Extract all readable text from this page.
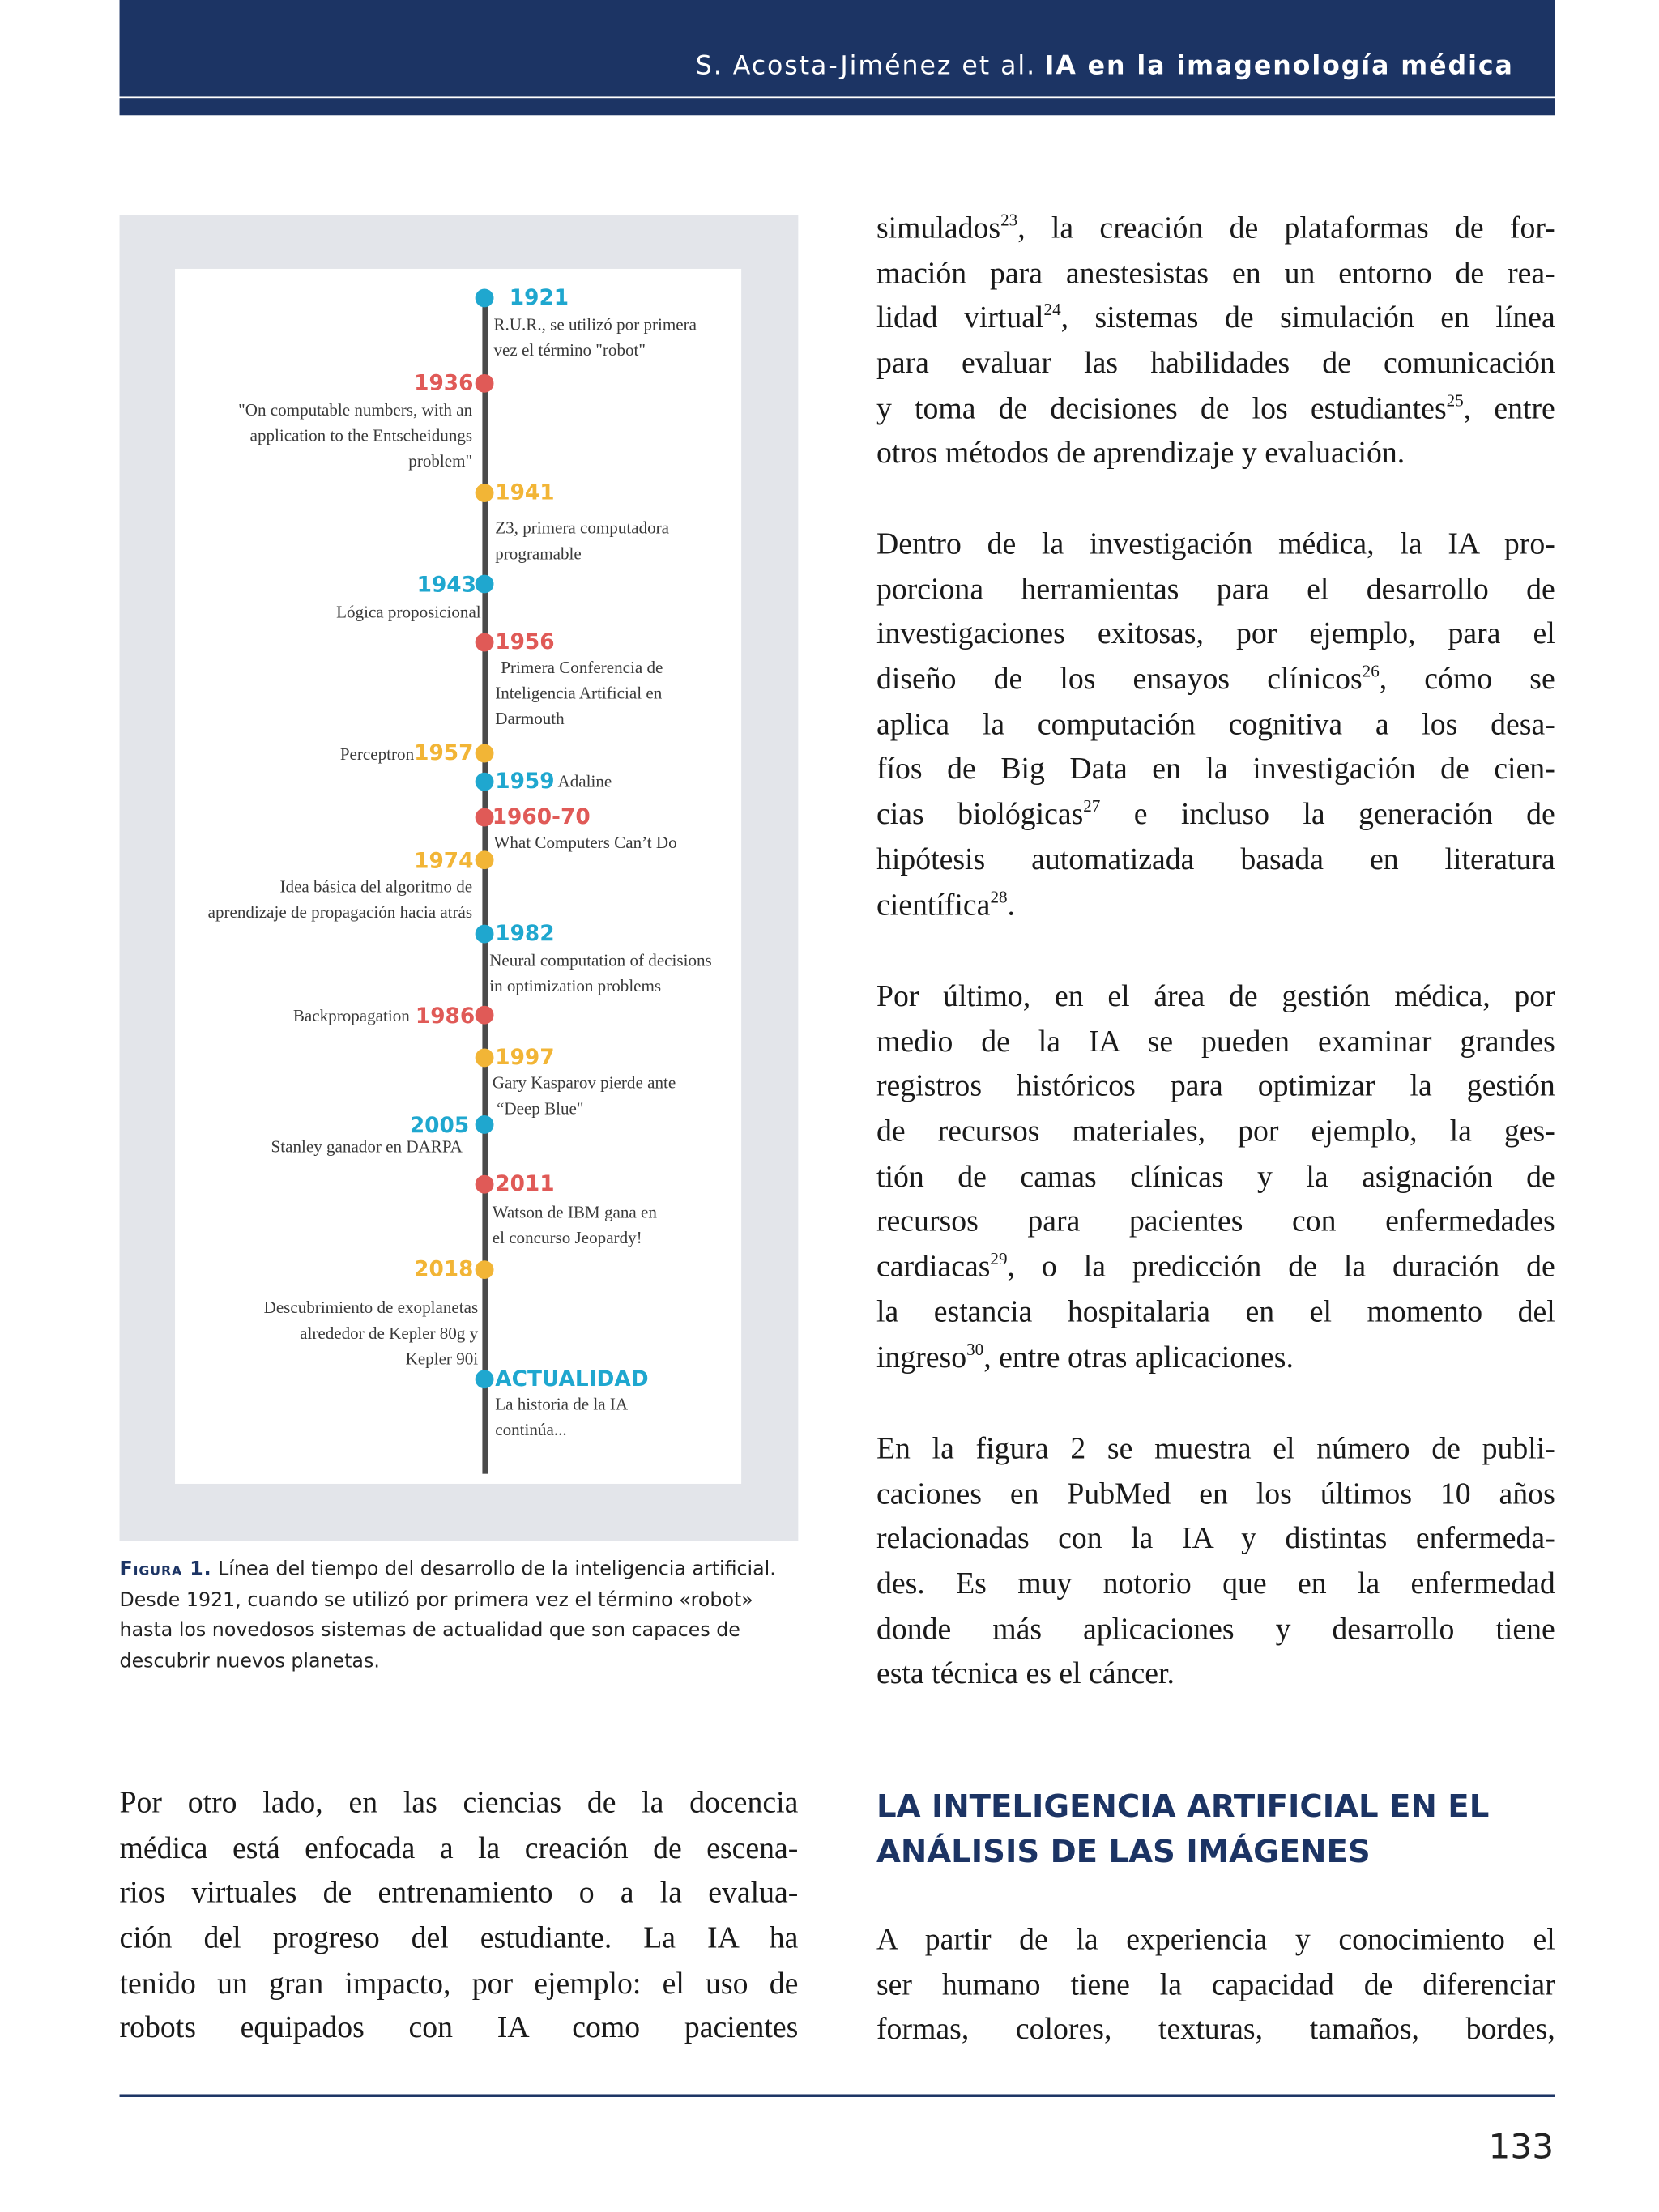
S. Acosta-Jiménez et al. IA en la imagenología médica
1921
R.U.R., se utilizó por primera
vez el término "robot"
1936
"On computable numbers, with an
application to the Entscheidungs
problem"
1941
Z3, primera computadora
programable
1943
Lógica proposicional
1956
Primera Conferencia de
Inteligencia Artificial en
Darmouth
1957
Perceptron
1959 Adaline
1960-70
What Computers Can’t Do
1974
Idea básica del algoritmo de
aprendizaje de propagación hacia atrás
1982
Neural computation of decisions
in optimization problems
1986
Backpropagation
1997
Gary Kasparov pierde ante
“Deep Blue"
2005
Stanley ganador en DARPA
2011
Watson de IBM gana en
el concurso Jeopardy!
2018
Descubrimiento de exoplanetas
alrededor de Kepler 80g y
Kepler 90i
ACTUALIDAD
La historia de la IA
continúa...
Figura 1. Línea del tiempo del desarrollo de la inteligencia artificial. Desde 1921, cuando se utilizó por primera vez el término «robot» hasta los novedosos sistemas de actualidad que son capaces de descubrir nuevos planetas.
simulados$^{23}$, la creación de plataformas de for-
mación para anestesistas en un entorno de rea-
lidad virtual$^{24}$, sistemas de simulación en línea
para evaluar las habilidades de comunicación
y toma de decisiones de los estudiantes$^{25}$, entre
otros métodos de aprendizaje y evaluación.
Dentro de la investigación médica, la IA pro-
porciona herramientas para el desarrollo de
investigaciones exitosas, por ejemplo, para el
diseño de los ensayos clínicos$^{26}$, cómo se
aplica la computación cognitiva a los desa-
fíos de Big Data en la investigación de cien-
cias biológicas$^{27}$ e incluso la generación de
hipótesis automatizada basada en literatura
científica$^{28}$.
Por último, en el área de gestión médica, por
medio de la IA se pueden examinar grandes
registros históricos para optimizar la gestión
de recursos materiales, por ejemplo, la ges-
tión de camas clínicas y la asignación de
recursos para pacientes con enfermedades
cardiacas$^{29}$, o la predicción de la duración de
la estancia hospitalaria en el momento del
ingreso$^{30}$, entre otras aplicaciones.
En la figura 2 se muestra el número de publi-
caciones en PubMed en los últimos 10 años
relacionadas con la IA y distintas enfermeda-
des. Es muy notorio que en la enfermedad
donde más aplicaciones y desarrollo tiene
esta técnica es el cáncer.
LA INTELIGENCIA ARTIFICIAL EN EL
ANÁLISIS DE LAS IMÁGENES
A partir de la experiencia y conocimiento el
ser humano tiene la capacidad de diferenciar
formas, colores, texturas, tamaños, bordes,
Por otro lado, en las ciencias de la docencia
médica está enfocada a la creación de escena-
rios virtuales de entrenamiento o a la evalua-
ción del progreso del estudiante. La IA ha
tenido un gran impacto, por ejemplo: el uso de
robots equipados con IA como pacientes
133
